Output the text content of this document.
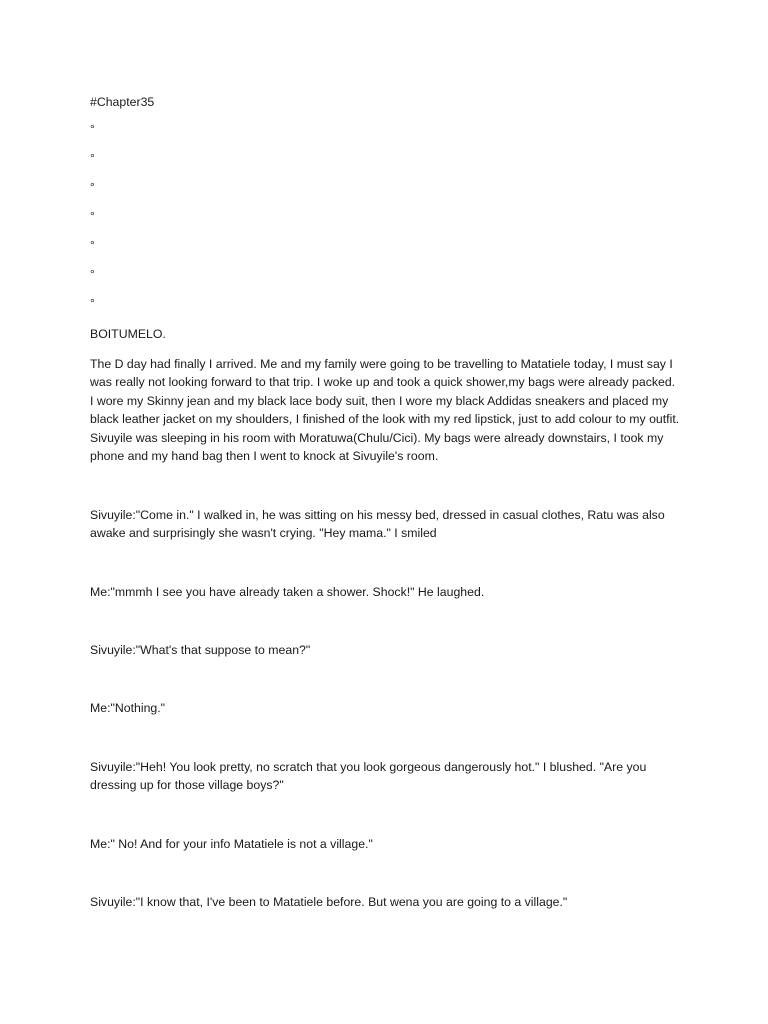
#Chapter35
°
°
°
°
°
°
°
BOITUMELO.
The D day had finally I arrived. Me and my family were going to be travelling to Matatiele today, I must say I was really not looking forward to that trip. I woke up and took a quick shower,my bags were already packed. I wore my Skinny jean and my black lace body suit, then I wore my black Addidas sneakers and placed my black leather jacket on my shoulders, I finished of the look with my red lipstick, just to add colour to my outfit. Sivuyile was sleeping in his room with Moratuwa(Chulu/Cici). My bags were already downstairs, I took my phone and my hand bag then I went to knock at Sivuyile's room.
Sivuyile:"Come in." I walked in, he was sitting on his messy bed, dressed in casual clothes, Ratu was also awake and surprisingly she wasn't crying. "Hey mama." I smiled
Me:"mmmh I see you have already taken a shower. Shock!" He laughed.
Sivuyile:"What's that suppose to mean?"
Me:"Nothing."
Sivuyile:"Heh! You look pretty, no scratch that you look gorgeous dangerously hot." I blushed. "Are you dressing up for those village boys?"
Me:" No! And for your info Matatiele is not a village."
Sivuyile:"I know that, I've been to Matatiele before. But wena you are going to a village."
